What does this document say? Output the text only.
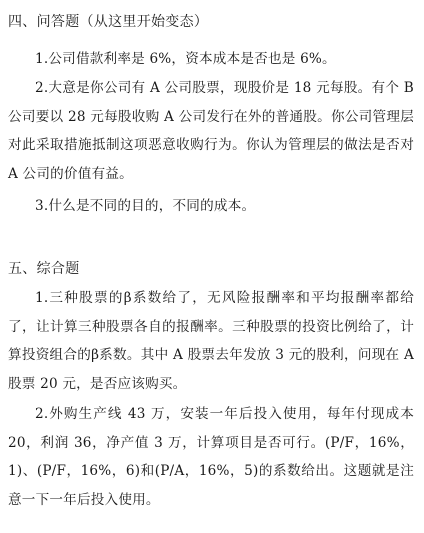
四、问答题（从这里开始变态）

1.公司借款利率是 6%，资本成本是否也是 6%。

2.大意是你公司有 A 公司股票，现股价是 18 元每股。有个 B 公司要以 28 元每股收购 A 公司发行在外的普通股。你公司管理层对此采取措施抵制这项恶意收购行为。你认为管理层的做法是否对 A 公司的价值有益。

3.什么是不同的目的，不同的成本。

五、综合题

1.三种股票的β系数给了，无风险报酬率和平均报酬率都给了，让计算三种股票各自的报酬率。三种股票的投资比例给了，计算投资组合的β系数。其中 A 股票去年发放 3 元的股利，问现在 A 股票 20 元，是否应该购买。

2.外购生产线 43 万，安装一年后投入使用，每年付现成本 20，利润 36，净产值 3 万，计算项目是否可行。(P/F，16%，1)、(P/F，16%，6)和(P/A，16%，5)的系数给出。这题就是注意一下一年后投入使用。
